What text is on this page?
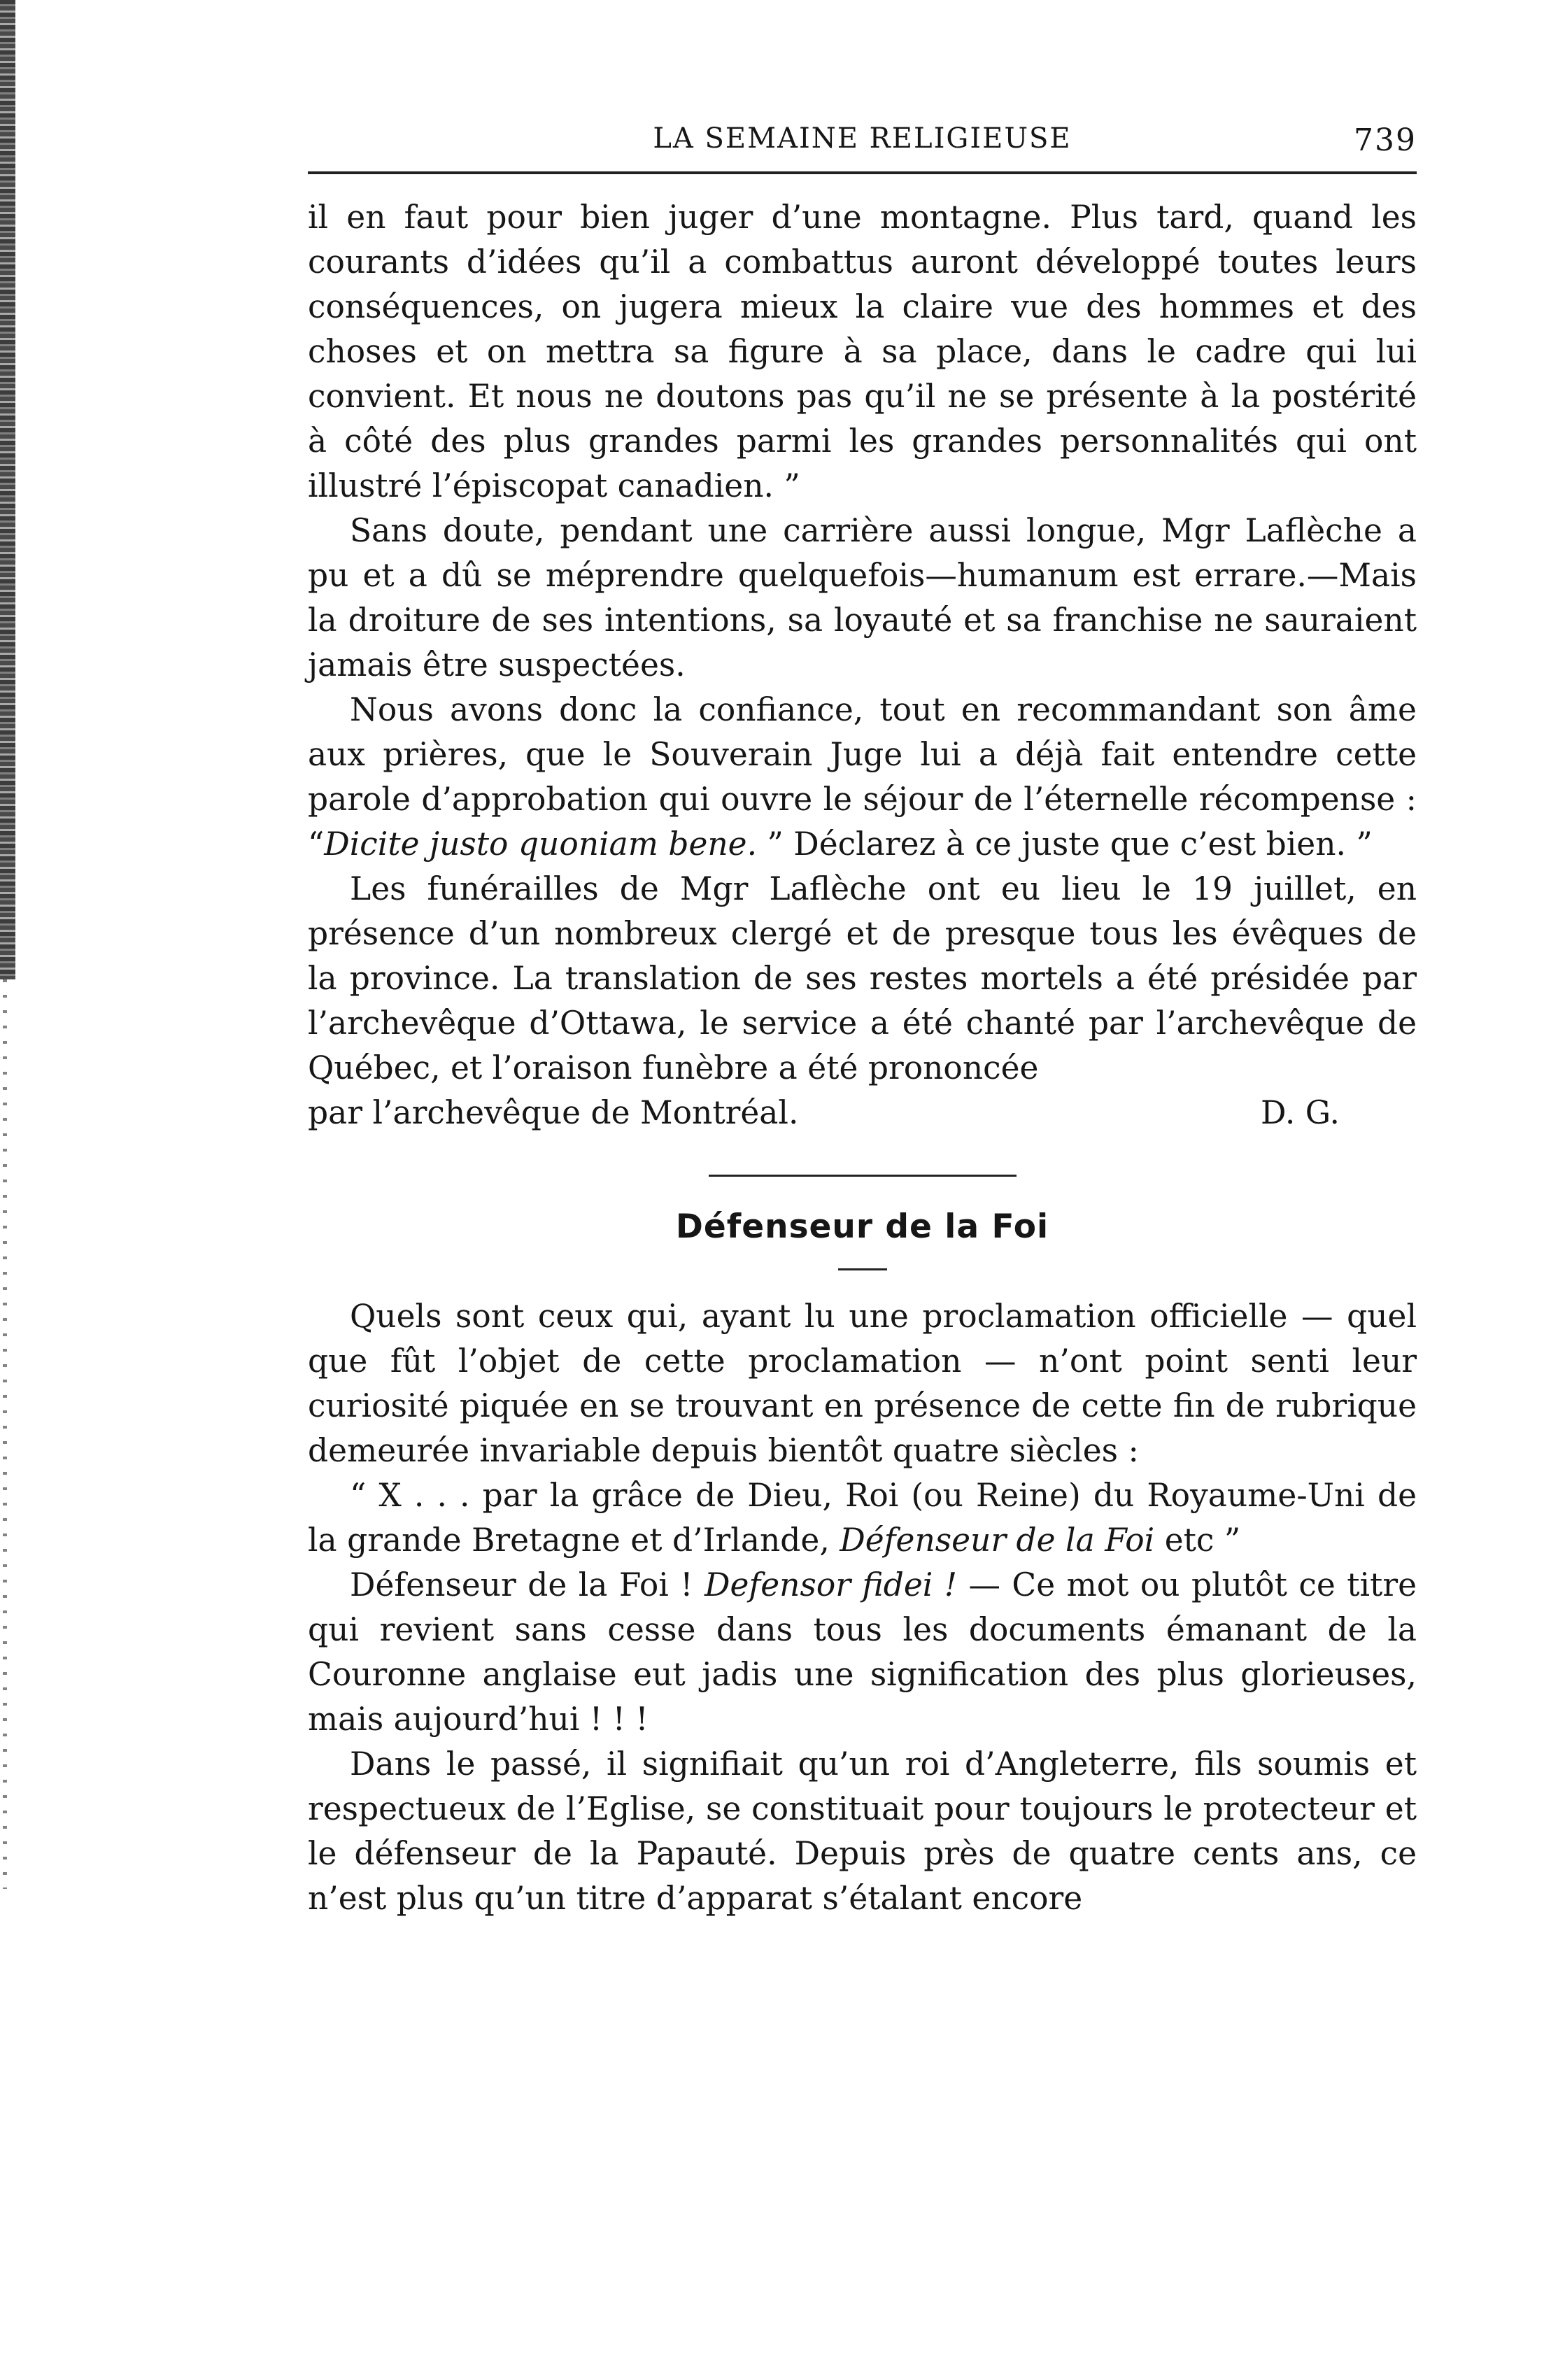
LA SEMAINE RELIGIEUSE	739

il en faut pour bien juger d’une montagne. Plus tard, quand les courants d’idées qu’il a combattus auront développé toutes leurs conséquences, on jugera mieux la claire vue des hommes et des choses et on mettra sa figure à sa place, dans le cadre qui lui convient. Et nous ne doutons pas qu’il ne se présente à la postérité à côté des plus grandes parmi les grandes personnalités qui ont illustré l’épiscopat canadien. ”

Sans doute, pendant une carrière aussi longue, Mgr Laflèche a pu et a dû se méprendre quelquefois—humanum est errare.—Mais la droiture de ses intentions, sa loyauté et sa franchise ne sauraient jamais être suspectées.

Nous avons donc la confiance, tout en recommandant son âme aux prières, que le Souverain Juge lui a déjà fait entendre cette parole d’approbation qui ouvre le séjour de l’éternelle récompense : “Dicite justo quoniam bene. ” Déclarez à ce juste que c’est bien. ”

Les funérailles de Mgr Laflèche ont eu lieu le 19 juillet, en présence d’un nombreux clergé et de presque tous les évêques de la province. La translation de ses restes mortels a été présidée par l’archevêque d’Ottawa, le service a été chanté par l’archevêque de Québec, et l’oraison funèbre a été prononcée

par l’archevêque de Montréal.	D. G.

Défenseur de la Foi

Quels sont ceux qui, ayant lu une proclamation officielle — quel que fût l’objet de cette proclamation — n’ont point senti leur curiosité piquée en se trouvant en présence de cette fin de rubrique demeurée invariable depuis bientôt quatre siècles :

“ X . . . par la grâce de Dieu, Roi (ou Reine) du Royaume-Uni de la grande Bretagne et d’Irlande, Défenseur de la Foi etc ”

Défenseur de la Foi ! Defensor fidei ! — Ce mot ou plutôt ce titre qui revient sans cesse dans tous les documents émanant de la Couronne anglaise eut jadis une signification des plus glorieuses, mais aujourd’hui ! ! !

Dans le passé, il signifiait qu’un roi d’Angleterre, fils soumis et respectueux de l’Eglise, se constituait pour toujours le protecteur et le défenseur de la Papauté. Depuis près de quatre cents ans, ce n’est plus qu’un titre d’apparat s’étalant encore
